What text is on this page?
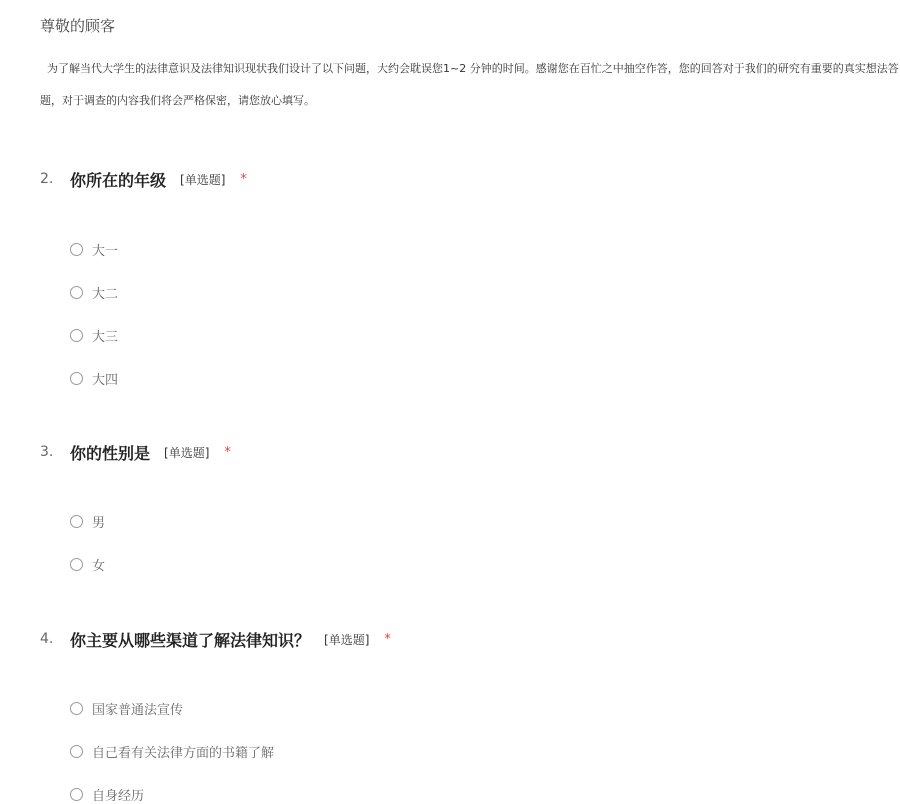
尊敬的顾客
为了解当代大学生的法律意识及法律知识现状我们设计了以下问题，大约会耽误您1~2 分钟的时间。感谢您在百忙之中抽空作答，您的回答对于我们的研究有重要的真实想法答题，对于调查的内容我们将会严格保密，请您放心填写。
2.	你所在的年级 [单选题] *
大一
大二
大三
大四
3.	你的性别是 [单选题] *
男
女
4.	你主要从哪些渠道了解法律知识？ [单选题] *
国家普通法宣传
自己看有关法律方面的书籍了解
自身经历
